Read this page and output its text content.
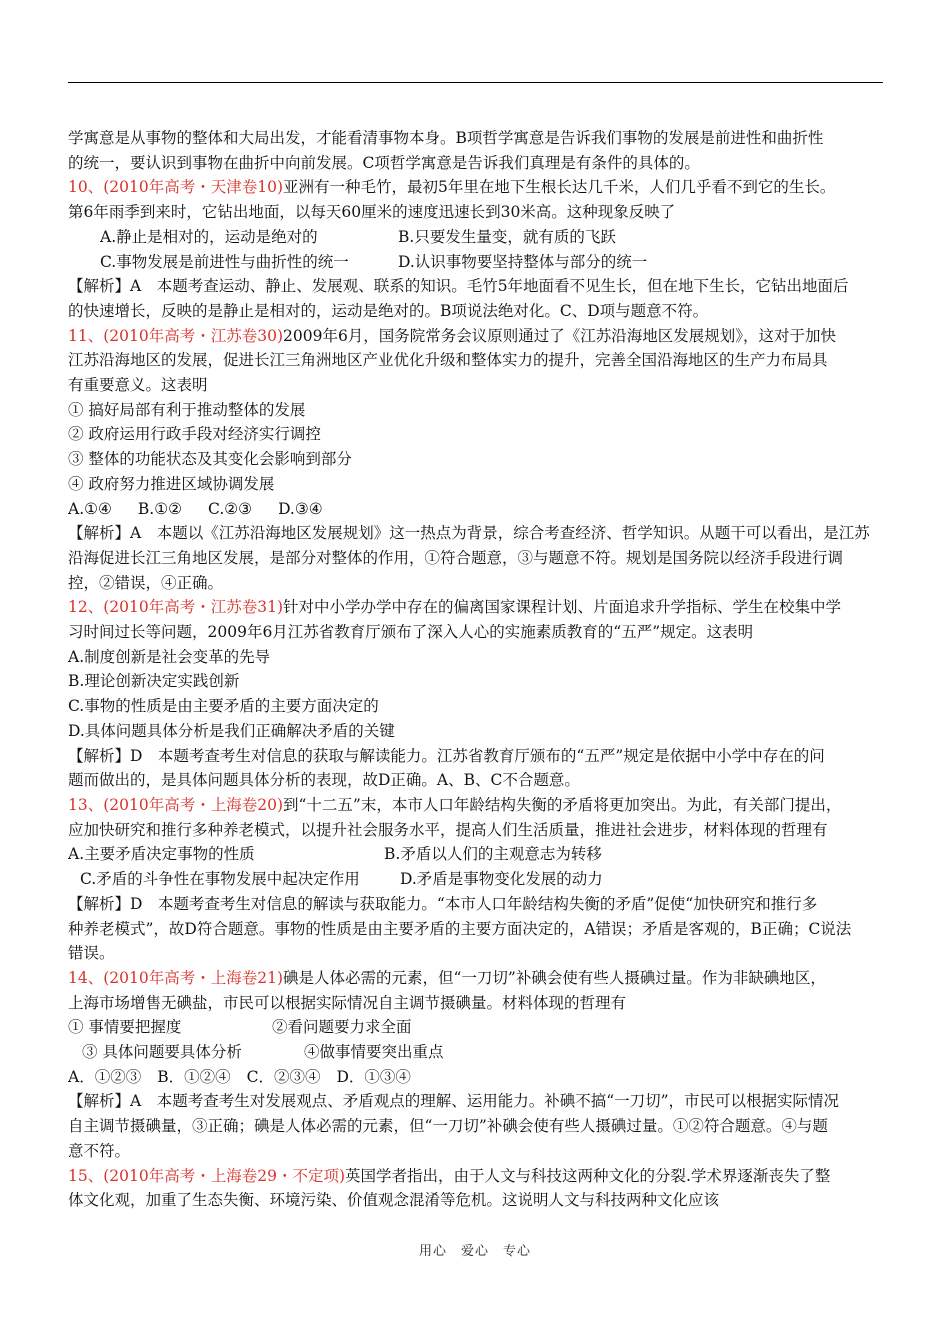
学寓意是从事物的整体和大局出发，才能看清事物本身。B项哲学寓意是告诉我们事物的发展是前进性和曲折性

的统一，要认识到事物在曲折中向前发展。C项哲学寓意是告诉我们真理是有条件的具体的。

10、(2010年高考・天津卷10)亚洲有一种毛竹，最初5年里在地下生根长达几千米，人们几乎看不到它的生长。

第6年雨季到来时，它钻出地面，以每天60厘米的速度迅速长到30米高。这种现象反映了

A.静止是相对的，运动是绝对的	B.只要发生量变，就有质的飞跃
C.事物发展是前进性与曲折性的统一	D.认识事物要坚持整体与部分的统一

【解析】A　本题考查运动、静止、发展观、联系的知识。毛竹5年地面看不见生长，但在地下生长，它钻出地面后

的快速增长，反映的是静止是相对的，运动是绝对的。B项说法绝对化。C、D项与题意不符。

11、(2010年高考・江苏卷30)2009年6月，国务院常务会议原则通过了《江苏沿海地区发展规划》，这对于加快

江苏沿海地区的发展，促进长江三角洲地区产业优化升级和整体实力的提升，完善全国沿海地区的生产力布局具

有重要意义。这表明

① 搞好局部有利于推动整体的发展

② 政府运用行政手段对经济实行调控

③ 整体的功能状态及其变化会影响到部分

④ 政府努力推进区域协调发展

A.①④ B.①② C.②③ D.③④

【解析】A　本题以《江苏沿海地区发展规划》这一热点为背景，综合考查经济、哲学知识。从题干可以看出，是江苏

沿海促进长江三角地区发展，是部分对整体的作用，①符合题意，③与题意不符。规划是国务院以经济手段进行调

控，②错误，④正确。

12、(2010年高考・江苏卷31)针对中小学办学中存在的偏离国家课程计划、片面追求升学指标、学生在校集中学

习时间过长等问题，2009年6月江苏省教育厅颁布了深入人心的实施素质教育的“五严”规定。这表明

A.制度创新是社会变革的先导

B.理论创新决定实践创新

C.事物的性质是由主要矛盾的主要方面决定的

D.具体问题具体分析是我们正确解决矛盾的关键

【解析】D　本题考查考生对信息的获取与解读能力。江苏省教育厅颁布的“五严”规定是依据中小学中存在的问

题而做出的，是具体问题具体分析的表现，故D正确。A、B、C不合题意。

13、(2010年高考・上海卷20)到“十二五”末，本市人口年龄结构失衡的矛盾将更加突出。为此，有关部门提出，

应加快研究和推行多种养老模式，以提升社会服务水平，提高人们生活质量，推进社会进步，材料体现的哲理有

A.主要矛盾决定事物的性质	B.矛盾以人们的主观意志为转移
C.矛盾的斗争性在事物发展中起决定作用	D.矛盾是事物变化发展的动力

【解析】D　本题考查考生对信息的解读与获取能力。“本市人口年龄结构失衡的矛盾”促使“加快研究和推行多

种养老模式”，故D符合题意。事物的性质是由主要矛盾的主要方面决定的，A错误；矛盾是客观的，B正确；C说法

错误。

14、(2010年高考・上海卷21)碘是人体必需的元素，但“一刀切”补碘会使有些人摄碘过量。作为非缺碘地区，

上海市场增售无碘盐，市民可以根据实际情况自主调节摄碘量。材料体现的哲理有

① 事情要把握度	②看问题要力求全面
③ 具体问题要具体分析	④做事情要突出重点

A．①②③ B．①②④ C．②③④ D．①③④

【解析】A　本题考查考生对发展观点、矛盾观点的理解、运用能力。补碘不搞“一刀切”，市民可以根据实际情况

自主调节摄碘量，③正确；碘是人体必需的元素，但“一刀切”补碘会使有些人摄碘过量。①②符合题意。④与题

意不符。

15、(2010年高考・上海卷29・不定项)英国学者指出，由于人文与科技这两种文化的分裂.学术界逐渐丧失了整

体文化观，加重了生态失衡、环境污染、价值观念混淆等危机。这说明人文与科技两种文化应该

用心　爱心　专心
